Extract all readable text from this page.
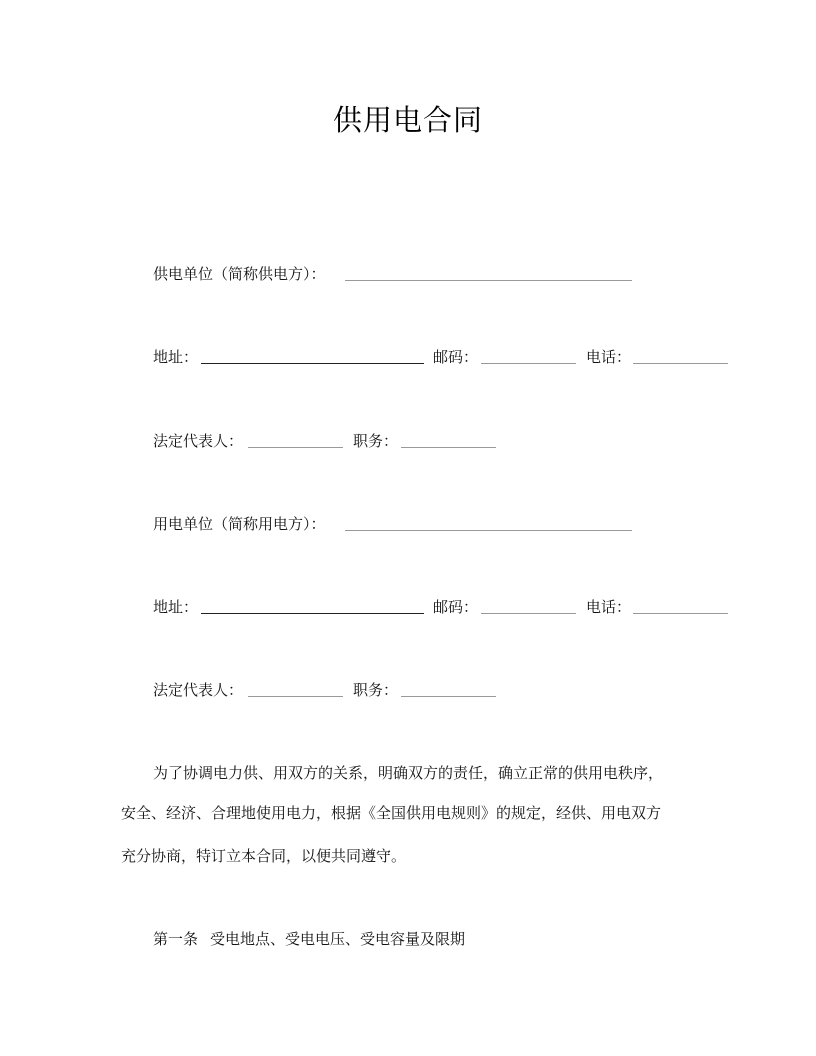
供用电合同
供电单位（简称供电方）：
地址：	邮码：	电话：
法定代表人：	职务：
用电单位（简称用电方）：
地址：	邮码：	电话：
法定代表人：	职务：
为了协调电力供、用双方的关系，明确双方的责任，确立正常的供用电秩序，
安全、经济、合理地使用电力，根据《全国供用电规则》的规定，经供、用电双方
充分协商，特订立本合同，以便共同遵守。
第一条 受电地点、受电电压、受电容量及限期
